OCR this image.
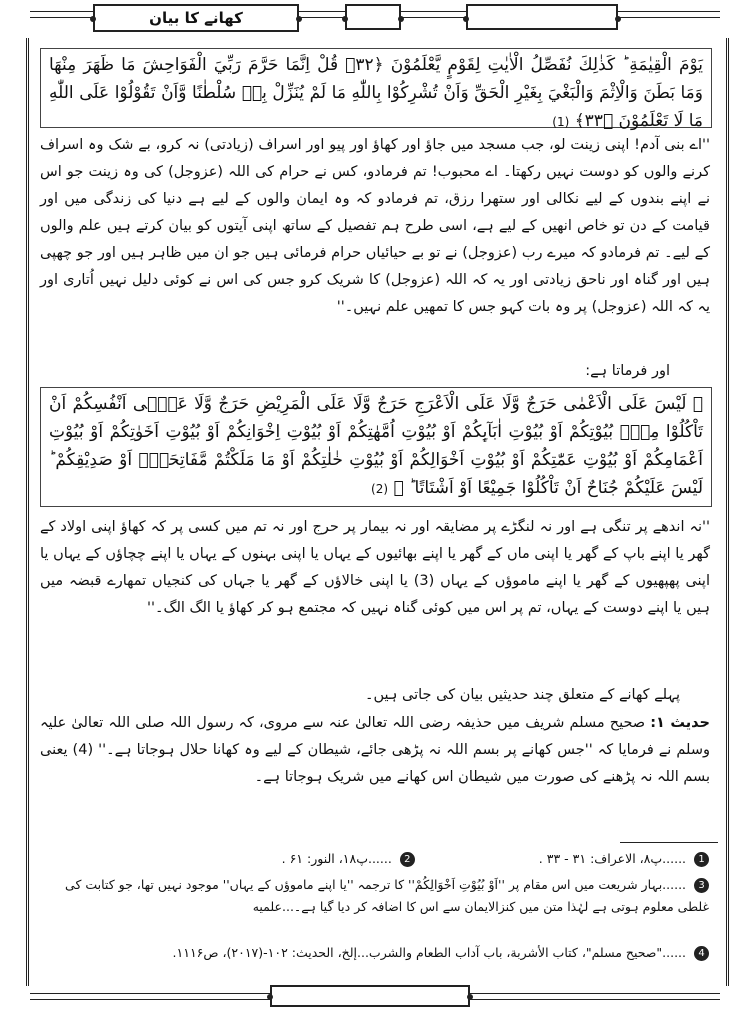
کھانے کا بیان
يَوْمَ الْقِيٰمَةِ ؕ كَذٰلِكَ نُفَصِّلُ الْاٰيٰتِ لِقَوْمٍ يَّعْلَمُوْنَ ﴿۳۲﴾ قُلْ اِنَّمَا حَرَّمَ رَبِّيَ الْفَوَاحِشَ مَا ظَهَرَ مِنْهَا وَمَا بَطَنَ وَالْاِثْمَ وَالْبَغْيَ بِغَيْرِ الْحَقِّ وَاَنْ تُشْرِكُوْا بِاللّٰهِ مَا لَمْ يُنَزِّلْ بِهٖ سُلْطٰنًا وَّاَنْ تَقُوْلُوْا عَلَى اللّٰهِ مَا لَا تَعْلَمُوْنَ ﴿۳۳﴾ (1)

''اے بنی آدم! اپنی زینت لو، جب مسجد میں جاؤ اور کھاؤ اور پیو اور اسراف (زیادتی) نہ کرو، بے شک وہ اسراف کرنے والوں کو دوست نہیں رکھتا۔ اے محبوب! تم فرمادو، کس نے حرام کی اللہ (عزوجل) کی وہ زینت جو اس نے اپنے بندوں کے لیے نکالی اور ستھرا رزق، تم فرمادو کہ وہ ایمان والوں کے لیے ہے دنیا کی زندگی میں اور قیامت کے دن تو خاص انھیں کے لیے ہے، اسی طرح ہم تفصیل کے ساتھ اپنی آیتوں کو بیان کرتے ہیں علم والوں کے لیے۔ تم فرمادو کہ میرے رب (عزوجل) نے تو بے حیائیاں حرام فرمائی ہیں جو ان میں ظاہر ہیں اور جو چھپی ہیں اور گناہ اور ناحق زیادتی اور یہ کہ اللہ (عزوجل) کا شریک کرو جس کی اس نے کوئی دلیل نہیں اُتاری اور یہ کہ اللہ (عزوجل) پر وہ بات کہو جس کا تمھیں علم نہیں۔''

اور فرماتا ہے:

﴿ لَيْسَ عَلَى الْاَعْمٰى حَرَجٌ وَّلَا عَلَى الْاَعْرَجِ حَرَجٌ وَّلَا عَلَى الْمَرِيْضِ حَرَجٌ وَّلَا عَلٰۤى اَنْفُسِكُمْ اَنْ تَاْكُلُوْا مِنْۢ بُيُوْتِكُمْ اَوْ بُيُوْتِ اٰبَآىِٕكُمْ اَوْ بُيُوْتِ اُمَّهٰتِكُمْ اَوْ بُيُوْتِ اِخْوَانِكُمْ اَوْ بُيُوْتِ اَخَوٰتِكُمْ اَوْ بُيُوْتِ اَعْمَامِكُمْ اَوْ بُيُوْتِ عَمّٰتِكُمْ اَوْ بُيُوْتِ اَخْوَالِكُمْ اَوْ بُيُوْتِ خٰلٰتِكُمْ اَوْ مَا مَلَكْتُمْ مَّفَاتِحَهٗۤ اَوْ صَدِيْقِكُمْ ؕ لَيْسَ عَلَيْكُمْ جُنَاحٌ اَنْ تَاْكُلُوْا جَمِيْعًا اَوْ اَشْتَاتًا ؕ ﴾ (2)

''نہ اندھے پر تنگی ہے اور نہ لنگڑے پر مضایقہ اور نہ بیمار پر حرج اور نہ تم میں کسی پر کہ کھاؤ اپنی اولاد کے گھر یا اپنے باپ کے گھر یا اپنی ماں کے گھر یا اپنے بھائیوں کے یہاں یا اپنی بہنوں کے یہاں یا اپنے چچاؤں کے یہاں یا اپنی پھپھیوں کے گھر یا اپنے ماموؤں کے یہاں (3) یا اپنی خالاؤں کے گھر یا جہاں کی کنجیاں تمھارے قبضہ میں ہیں یا اپنے دوست کے یہاں، تم پر اس میں کوئی گناہ نہیں کہ مجتمع ہو کر کھاؤ یا الگ الگ۔''

پہلے کھانے کے متعلق چند حدیثیں بیان کی جاتی ہیں۔

حدیث ۱: صحیح مسلم شریف میں حذیفہ رضی اللہ تعالیٰ عنہ سے مروی، کہ رسول اللہ صلی اللہ تعالیٰ علیہ وسلم نے فرمایا کہ ''جس کھانے پر بسم اللہ نہ پڑھی جائے، شیطان کے لیے وہ کھانا حلال ہوجاتا ہے۔'' (4) یعنی بسم اللہ نہ پڑھنے کی صورت میں شیطان اس کھانے میں شریک ہوجاتا ہے۔

1 ......پ۸، الاعراف: ۳۱ - ۳۳ . 2 ......پ۱۸، النور: ۶۱ .
3 ......بہار شریعت میں اس مقام پر ''اَوْ بُیُوْتِ اَخْوَالِکُمْ'' کا ترجمہ ''یا اپنے ماموؤں کے یہاں'' موجود نہیں تھا، جو کتابت کی غلطی معلوم ہوتی ہے لہٰذا متن میں کنزالایمان سے اس کا اضافہ کر دیا گیا ہے۔...علمیه
4 ......"صحیح مسلم"، کتاب الأشربة، باب آداب الطعام والشرب...إلخ، الحدیث: ۱۰۲-(۲۰۱۷)، ص۱۱۱۶.
